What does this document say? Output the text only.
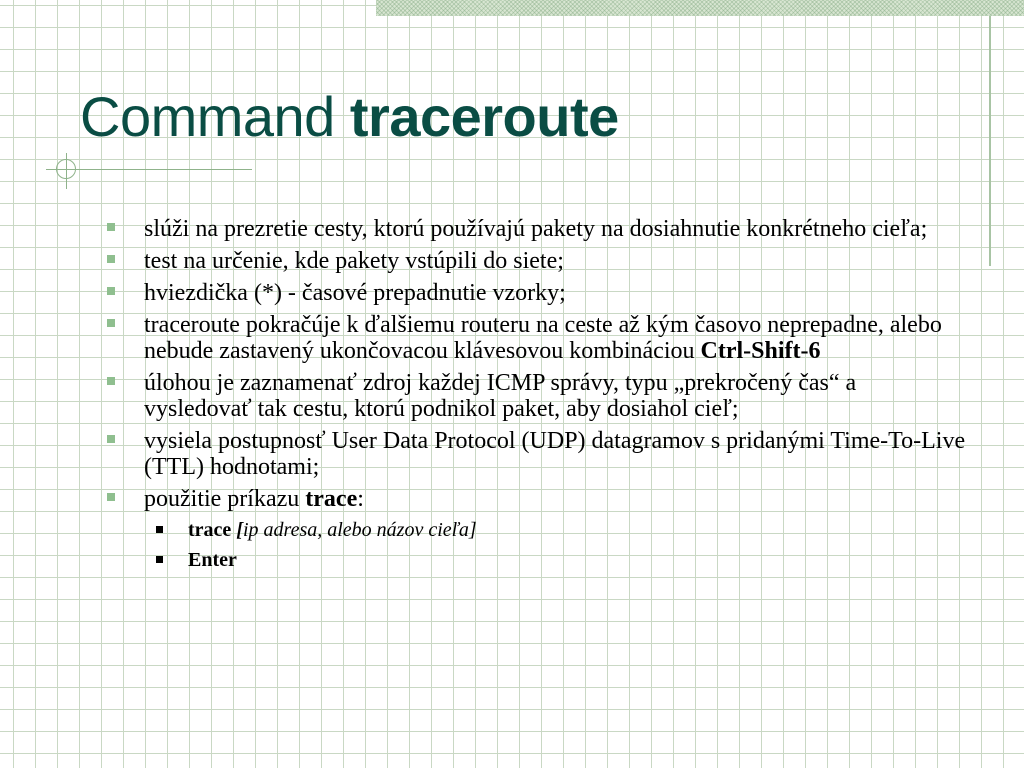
Command traceroute
slúži na prezretie cesty, ktorú používajú pakety na dosiahnutie konkrétneho cieľa;
test na určenie, kde pakety vstúpili do siete;
hviezdička (*) - časové prepadnutie vzorky;
traceroute pokračúje k ďalšiemu routeru na ceste až kým časovo neprepadne, alebo nebude zastavený ukončovacou klávesovou kombináciou Ctrl-Shift-6
úlohou je zaznamenať zdroj každej ICMP správy, typu „prekročený čas“ a vysledovať tak cestu, ktorú podnikol paket, aby dosiahol cieľ;
vysiela postupnosť User Data Protocol (UDP) datagramov s pridanými Time-To-Live (TTL) hodnotami;
použitie príkazu trace:
trace [ip adresa, alebo názov cieľa]
Enter
